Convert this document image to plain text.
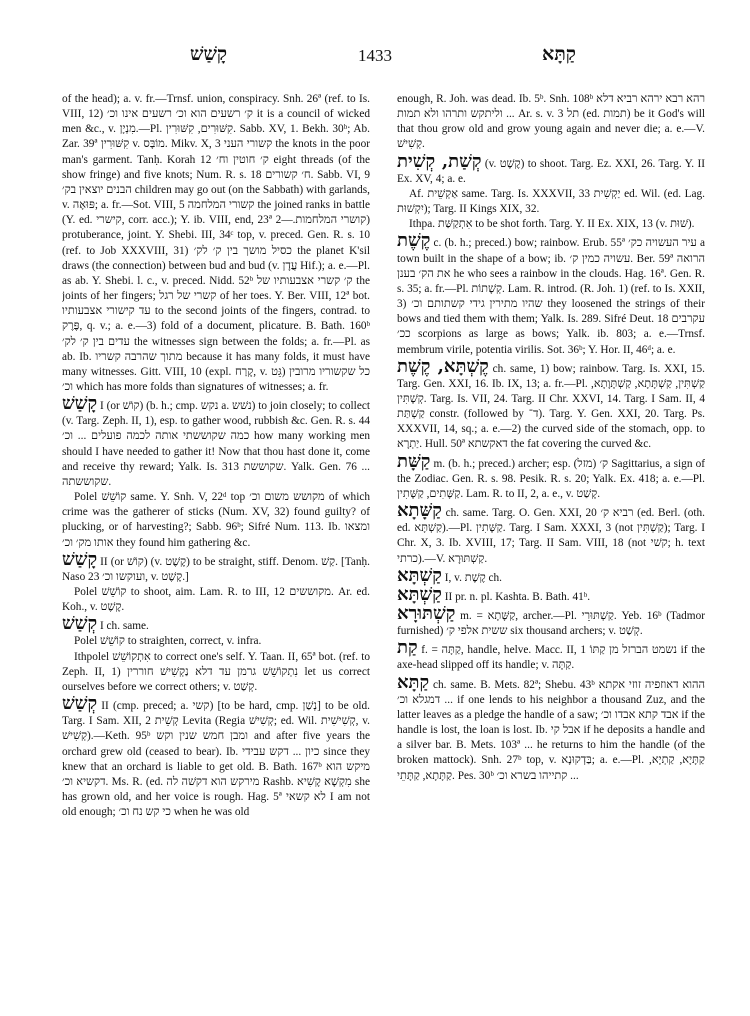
קָשַׁשׁ	1433	קַתָּא

of the head); a. v. fr.—Trnsf. union, conspiracy. Snh. 26ª (ref. to Is. VIII, 12) ק׳ רשעים הוא וכ׳ רשעים אינו וכ׳ it is a council of wicked men &c., v. מִנְיָן.—Pl. קִשּׁוּרִים, קִשּׁוּרִין. Sabb. XV, 1. Bekh. 30ᵇ; Ab. Zar. 39ª קִשּׁוּרִין v. מוֹבָּס. Mikv. X, 3 קשורי העני the knots in the poor man's garment. Tanḥ. Korah 12 ק׳ חוטין וח׳ eight threads (of the show fringe) and five knots; Num. R. s. 18 ח׳ קשורים. Sabb. VI, 9 הבנים יוצאין בק׳ children may go out (on the Sabbath) with garlands, v. פּוּאָה; a. fr.—Sot. VIII, 5 קשורי המלחמה the joined ranks in battle (Y. ed. קישרי, corr. acc.); Y. ib. VIII, end, 23ª קושרי המלחמות.—2) protuberance, joint. Y. Shebi. III, 34ᶜ top, v. preced. Gen. R. s. 10 (ref. to Job XXXVIII, 31) כסיל מושך בין ק׳ לק׳ the planet K'sil draws (the connection) between bud and bud (v. עֲדָן Hif.); a. e.—Pl. as ab. Y. Shebi. l. c., v. preced. Nidd. 52ᵇ ק׳ קשרי אצבעותיו של the joints of her fingers; קשרי של רגל of her toes. Y. Ber. VIII, 12ª bot. עד קישורי אצבעותיו to the second joints of the fingers, contrad. to פֶּרֶק, q. v.; a. e.—3) fold of a document, plicature. B. Bath. 160ᵇ עדים בין ק׳ לק׳ the witnesses sign between the folds; a. fr.—Pl. as ab. Ib. מתוך שהרבה קשריו because it has many folds, it must have many witnesses. Gitt. VIII, 10 (expl. קָרַח, v. גֵּט) כל שקשוריו מרובין וכ׳ which has more folds than signatures of witnesses; a. fr.

קָשַׁשׁ I (or קוֹשׁ) (b. h.; cmp. נקש a. נשׁש) to join closely; to collect (v. Targ. Zeph. II, 1), esp. to gather wood, rubbish &c. Gen. R. s. 44 כמה שקוששתי אותה לכמה פועלים ... וכ׳ how many working men should I have needed to gather it! Now that thou hast done it, come and receive thy reward; Yalk. Is. 313 שקוששת. Yalk. Gen. 76 ... שקוששתה.

Polel קוֹשֵׁשׁ same. Y. Snh. V, 22ᵈ top מקושש משום וכ׳ of which crime was the gatherer of sticks (Num. XV, 32) found guilty? of plucking, or of harvesting?; Sabb. 96ᵇ; Sifré Num. 113. Ib. ומצאו אותו מק׳ וכ׳ they found him gathering &c.

קָשַׁשׁ II (or קוֹשׁ) (v. קֶשֶׁט) to be straight, stiff. Denom. קַשׁ. [Tanḥ. Naso 23 ועוקשו וכ׳, v. קֶשֶׁט.]

Polel קוֹשֵׁשׁ to shoot, aim. Lam. R. to III, 12 מקוששים. Ar. ed. Koh., v. קֶשֶׁט.

קְשַׁשׁ I ch. same.

Polel קוֹשֵׁשׁ to straighten, correct, v. infra.

Ithpolel אִתְקוֹשֵׁשׁ to correct one's self. Y. Taan. II, 65ª bot. (ref. to Zeph. II, 1) נִתְקוֹשֵׁשׁ גרמן עד דלא נַקְשִׁישׁ חוררין let us correct ourselves before we correct others; v. קְשַׁט.

קְשַׁשׁ II (cmp. preced; a. קשי) [to be hard, cmp. נְשַׁן] to be old. Targ. I Sam. XII, 2 קְשֵׁית Levita (Regia קְשִׁישׁ; ed. Wil. קְשִׁישִׁית, v. קְשִׁישׁ).—Keth. 95ᵇ ומבן חמש שנין וקש and after five years the orchard grew old (ceased to bear). Ib. כיון ... דקש עבידי since they knew that an orchard is liable to get old. B. Bath. 167ᵇ מיקש הוא דקשיא וכ׳. Ms. R. (ed. מירקש הוא דקשׁה לה Rashb. מִקְשָׁא קָשִׁיא she has grown old, and her voice is rough. Hag. 5ª לא קשאי I am not old enough; כי קש נח וכ׳ when he was old

enough, R. Joh. was dead. Ib. 5ᵇ. Snh. 108ᵇ רהא רבא ירהא רביא דלא ... וליתקש ותרהו ולא תמות Ar. s. v. תל 3 (ed. תמות) be it God's will that thou grow old and grow young again and never die; a. e.—V. קְשִׁישׁ.

קְשַׁת, קְשִׁית (v. קֶשֶׁט) to shoot. Targ. Ez. XXI, 26. Targ. Y. II Ex. XV, 4; a. e.

Af. אַקְשֵׁית same. Targ. Is. XXXVII, 33 יַקְשִׁית ed. Wil. (ed. Lag. יִקְשׁוּת); Targ. II Kings XIX, 32.

Ithpa. אִתְקַשַּׁת to be shot forth. Targ. Y. II Ex. XIX, 13 (v. שׁוּת).

קֶשֶׁת c. (b. h.; preced.) bow; rainbow. Erub. 55ª עיר העשויה כק׳ a town built in the shape of a bow; ib. עשויה כמין ק׳. Ber. 59ª הרואה את הק׳ בענן he who sees a rainbow in the clouds. Hag. 16ª. Gen. R. s. 35; a. fr.—Pl. קְשָׁתוֹת. Lam. R. introd. (R. Joh. 1) (ref. to Is. XXII, 3) שהיו מתירין גידי קשתותם וכ׳ they loosened the strings of their bows and tied them with them; Yalk. Is. 289. Sifré Deut. 18 עקרבים ככ׳ scorpions as large as bows; Yalk. ib. 803; a. e.—Trnsf. membrum virile, potentia virilis. Sot. 36ᵇ; Y. Hor. II, 46ᵈ; a. e.

קֶשְׁתָּא, קֶשֶׁת ch. same, 1) bow; rainbow. Targ. Is. XXI, 15. Targ. Gen. XXI, 16. Ib. IX, 13; a. fr.—Pl. קַשְׁתִּין, קַשְׁתָּתָא, קַשְׁתָּוָתָא, קְשָׁתִּין. Targ. Is. VII, 24. Targ. II Chr. XXVI, 14. Targ. I Sam. II, 4 קַשְׁתַּת constr. (followed by ד־). Targ. Y. Gen. XXI, 20. Targ. Ps. XXXVII, 14, sq.; a. e.—2) the curved side of the stomach, opp. to יַתְרָא. Hull. 50ª דאקשתא the fat covering the curved &c.

קַשָּׁת m. (b. h.; preced.) archer; esp. ק׳ (מזל) Sagittarius, a sign of the Zodiac. Gen. R. s. 98. Pesik. R. s. 20; Yalk. Ex. 418; a. e.—Pl. קַשָּׁתִים, קַשָּׁתִין. Lam. R. to II, 2, a. e., v. קָשַׁט.

קַשָּׁתָא ch. same. Targ. O. Gen. XXI, 20 רביא ק׳ (ed. Berl. (oth. ed. קַשְׁתָּא).—Pl. קַשָּׁתִין. Targ. I Sam. XXXI, 3 (not קַשְׁתִּין); Targ. I Chr. X, 3. Ib. XVIII, 17; Targ. II Sam. VIII, 18 (not קשׁי; h. text כרתי).—V. קַשְׁתּוּרָא.

קַשְׁתָּא I, v. קֶשֶׁת ch.

קַשְׁתָּא II pr. n. pl. Kashta. B. Bath. 41ᵇ.

קַשְׁתּוּרָא m. = קַשָּׁתָא, archer.—Pl. קַשְׁתּוּרֵי. Yeb. 16ᵇ (Tadmor furnished) ששית אלפי ק׳ six thousand archers; v. קְשַׁט.

קַת f. = קַתָּה, handle, helve. Macc. II, 1 נשמט הברזל מן קַתּוֹ if the axe-head slipped off its handle; v. קַתָּה.

קַתָּא ch. same. B. Mets. 82ª; Shebu. 43ᵇ ההוא דאוזפיה זוזי אקתא דמגלא וכ׳ ... if one lends to his neighbor a thousand Zuz, and the latter leaves as a pledge the handle of a saw; אבד קתא אבדו וכ׳ if the handle is lost, the loan is lost. Ib. אבל קי if he deposits a handle and a silver bar. B. Mets. 103ª ... he returns to him the handle (of the broken mattock). Snh. 27ᵇ top, v. בַּדְקוּנָא; a. e.—Pl. קַתָּיָא, קַתְיָא, קַתָּתָא, קַתָּתֵי. Pes. 30ᵇ קתייהו בשרא וכ׳ ...
